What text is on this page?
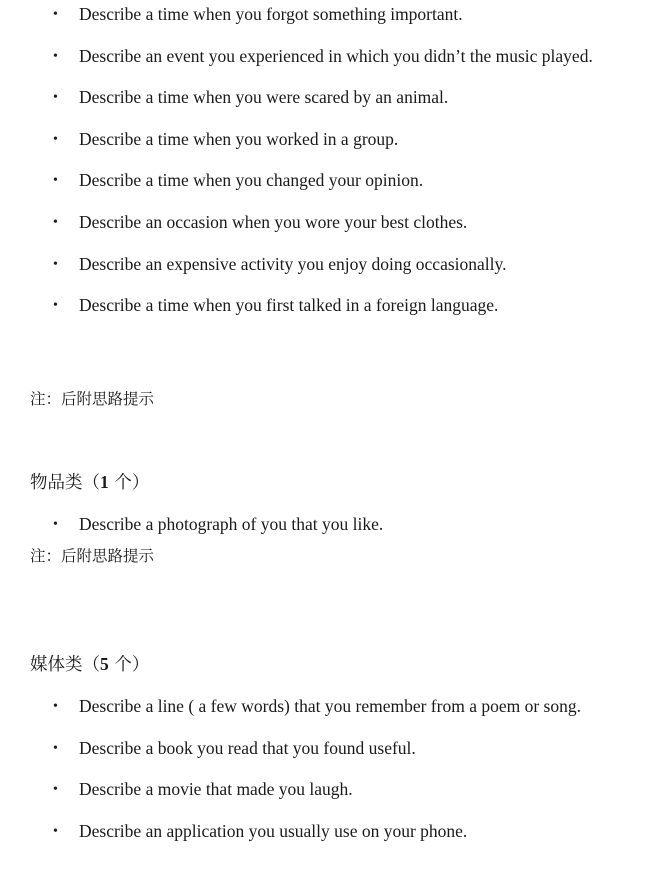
• Describe a time when you forgot something important.
• Describe an event you experienced in which you didn’t the music played.
• Describe a time when you were scared by an animal.
• Describe a time when you worked in a group.
• Describe a time when you changed your opinion.
• Describe an occasion when you wore your best clothes.
• Describe an expensive activity you enjoy doing occasionally.
• Describe a time when you first talked in a foreign language.
注：后附思路提示
物品类（1 个）
• Describe a photograph of you that you like.
注：后附思路提示
媒体类（5 个）
• Describe a line ( a few words) that you remember from a poem or song.
• Describe a book you read that you found useful.
• Describe a movie that made you laugh.
• Describe an application you usually use on your phone.
